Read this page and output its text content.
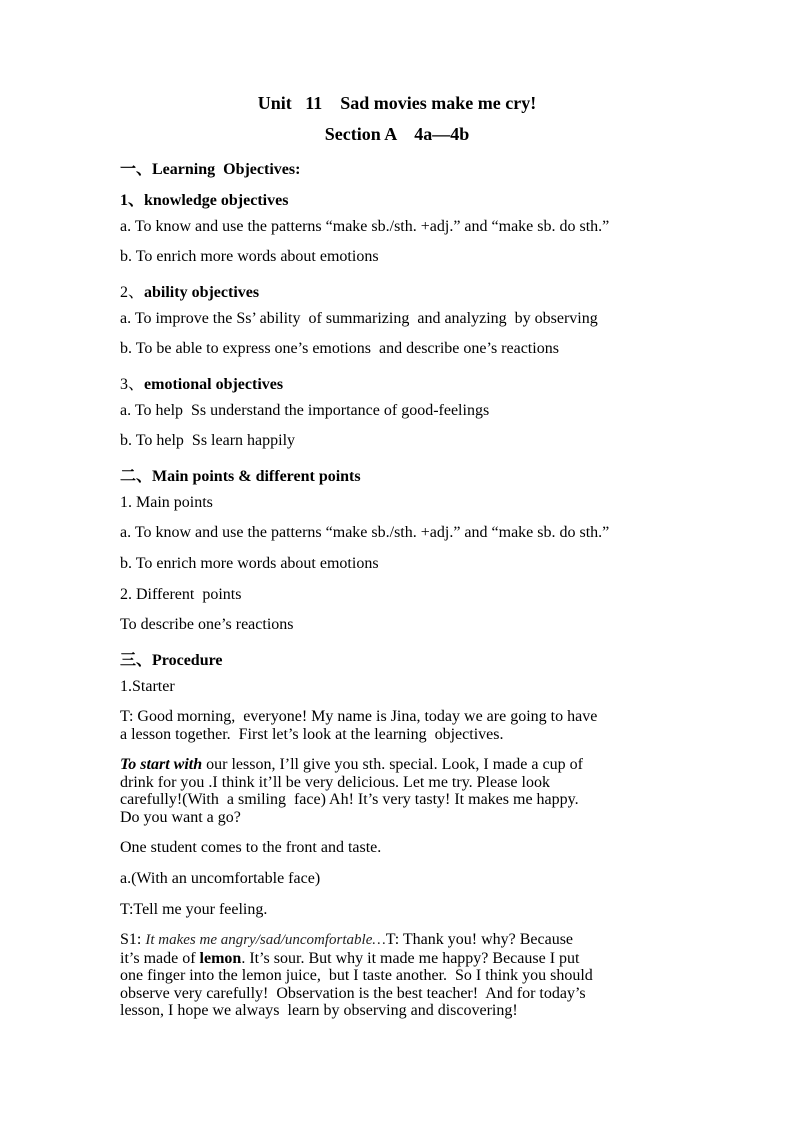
Unit   11    Sad movies make me cry!
Section A    4a—4b
一、Learning  Objectives:
1、knowledge objectives
a. To know and use the patterns “make sb./sth. +adj.” and “make sb. do sth.”
b. To enrich more words about emotions
2、ability objectives
a. To improve the Ss’ ability  of summarizing  and analyzing  by observing
b. To be able to express one’s emotions  and describe one’s reactions
3、emotional objectives
a. To help  Ss understand the importance of good-feelings
b. To help  Ss learn happily
二、Main points & different points
1. Main points
a. To know and use the patterns “make sb./sth. +adj.” and “make sb. do sth.”
b. To enrich more words about emotions
2. Different  points
To describe one’s reactions
三、Procedure
1.Starter
T: Good morning,  everyone! My name is Jina, today we are going to have
a lesson together.  First let’s look at the learning  objectives.
To start with our lesson, I’ll give you sth. special. Look, I made a cup of
drink for you .I think it’ll be very delicious. Let me try. Please look
carefully!(With  a smiling  face) Ah! It’s very tasty! It makes me happy.
Do you want a go?
One student comes to the front and taste.
a.(With an uncomfortable face)
T:Tell me your feeling.
S1: It makes me angry/sad/uncomfortable…T: Thank you! why? Because
it’s made of lemon. It’s sour. But why it made me happy? Because I put
one finger into the lemon juice,  but I taste another.  So I think you should
observe very carefully!  Observation is the best teacher!  And for today’s
lesson, I hope we always  learn by observing and discovering!
